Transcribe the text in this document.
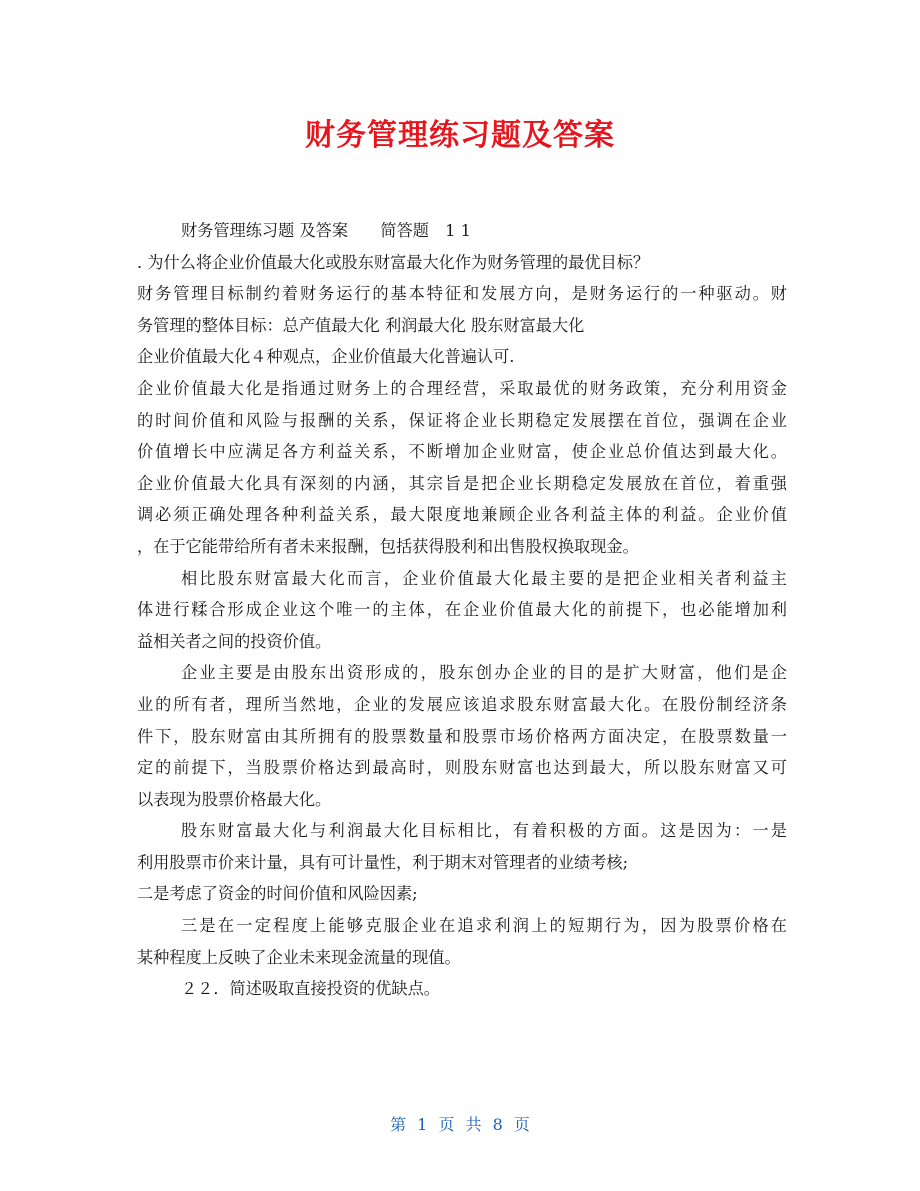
财务管理练习题及答案
财务管理练习题 及答案　　简答题　1 1
. 为什么将企业价值最大化或股东财富最大化作为财务管理的最优目标？
财务管理目标制约着财务运行的基本特征和发展方向，是财务运行的一种驱动。财
务管理的整体目标：总产值最大化 利润最大化 股东财富最大化
企业价值最大化４种观点，企业价值最大化普遍认可.
企业价值最大化是指通过财务上的合理经营，采取最优的财务政策，充分利用资金
的时间价值和风险与报酬的关系，保证将企业长期稳定发展摆在首位，强调在企业
价值增长中应满足各方利益关系，不断增加企业财富，使企业总价值达到最大化。
企业价值最大化具有深刻的内涵，其宗旨是把企业长期稳定发展放在首位，着重强
调必须正确处理各种利益关系，最大限度地兼顾企业各利益主体的利益。企业价值
，在于它能带给所有者未来报酬，包括获得股利和出售股权换取现金。
相比股东财富最大化而言，企业价值最大化最主要的是把企业相关者利益主
体进行糅合形成企业这个唯一的主体，在企业价值最大化的前提下，也必能增加利
益相关者之间的投资价值。
企业主要是由股东出资形成的，股东创办企业的目的是扩大财富，他们是企
业的所有者，理所当然地，企业的发展应该追求股东财富最大化。在股份制经济条
件下，股东财富由其所拥有的股票数量和股票市场价格两方面决定，在股票数量一
定的前提下，当股票价格达到最高时，则股东财富也达到最大，所以股东财富又可
以表现为股票价格最大化。
股东财富最大化与利润最大化目标相比，有着积极的方面。这是因为：一是
利用股票市价来计量，具有可计量性，利于期末对管理者的业绩考核;
二是考虑了资金的时间价值和风险因素;
三是在一定程度上能够克服企业在追求利润上的短期行为，因为股票价格在
某种程度上反映了企业未来现金流量的现值。
２２．简述吸取直接投资的优缺点。
第 1 页 共 8 页
